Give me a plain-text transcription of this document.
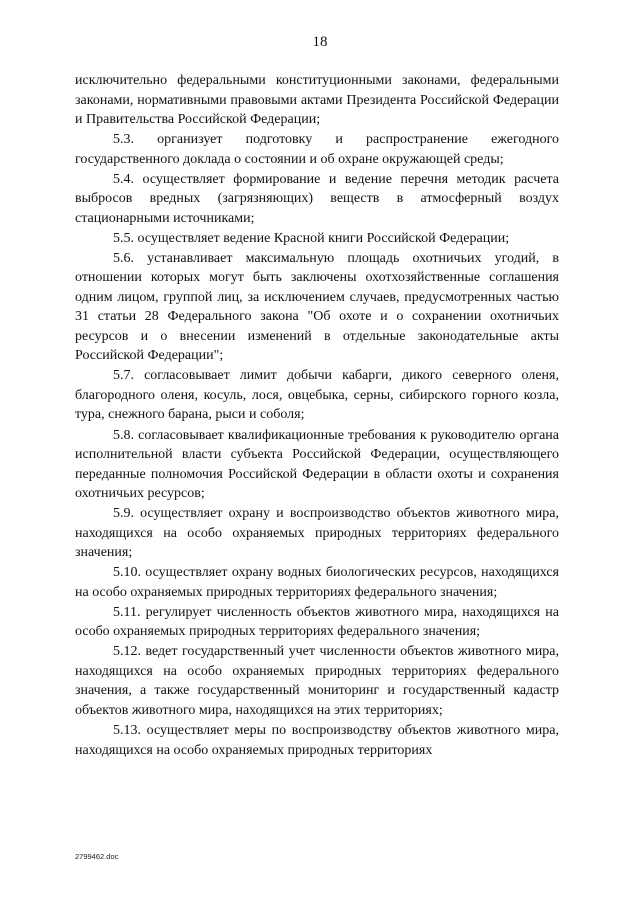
18

исключительно федеральными конституционными законами, федеральными законами, нормативными правовыми актами Президента Российской Федерации и Правительства Российской Федерации;

5.3. организует подготовку и распространение ежегодного государственного доклада о состоянии и об охране окружающей среды;

5.4. осуществляет формирование и ведение перечня методик расчета выбросов вредных (загрязняющих) веществ в атмосферный воздух стационарными источниками;

5.5. осуществляет ведение Красной книги Российской Федерации;

5.6. устанавливает максимальную площадь охотничьих угодий, в отношении которых могут быть заключены охотхозяйственные соглашения одним лицом, группой лиц, за исключением случаев, предусмотренных частью 31 статьи 28 Федерального закона "Об охоте и о сохранении охотничьих ресурсов и о внесении изменений в отдельные законодательные акты Российской Федерации";

5.7. согласовывает лимит добычи кабарги, дикого северного оленя, благородного оленя, косуль, лося, овцебыка, серны, сибирского горного козла, тура, снежного барана, рыси и соболя;

5.8. согласовывает квалификационные требования к руководителю органа исполнительной власти субъекта Российской Федерации, осуществляющего переданные полномочия Российской Федерации в области охоты и сохранения охотничьих ресурсов;

5.9. осуществляет охрану и воспроизводство объектов животного мира, находящихся на особо охраняемых природных территориях федерального значения;

5.10. осуществляет охрану водных биологических ресурсов, находящихся на особо охраняемых природных территориях федерального значения;

5.11. регулирует численность объектов животного мира, находящихся на особо охраняемых природных территориях федерального значения;

5.12. ведет государственный учет численности объектов животного мира, находящихся на особо охраняемых природных территориях федерального значения, а также государственный мониторинг и государственный кадастр объектов животного мира, находящихся на этих территориях;

5.13. осуществляет меры по воспроизводству объектов животного мира, находящихся на особо охраняемых природных территориях

2799462.doc
